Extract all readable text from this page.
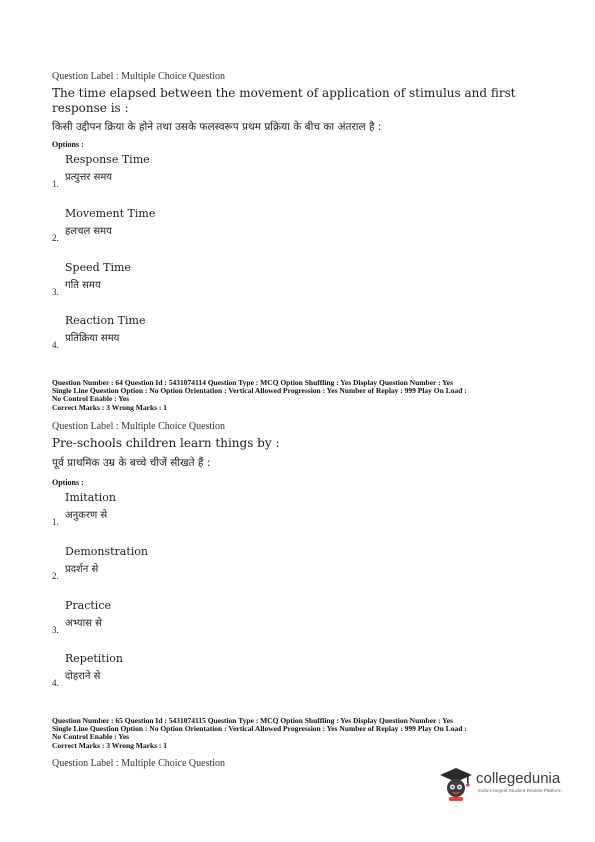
Question Label : Multiple Choice Question
The time elapsed between the movement of application of stimulus and first
response is :
किसी उद्दीपन क्रिया के होने तथा उसके फलस्वरूप प्रथम प्रक्रिया के बीच का अंतराल है :
Options :
Response Time
प्रत्युत्तर समय
1.
Movement Time
हलचल समय
2.
Speed Time
गति समय
3.
Reaction Time
प्रतिक्रिया समय
4.
Question Number : 64 Question Id : 5431074114 Question Type : MCQ Option Shuffling : Yes Display Question Number : Yes
Single Line Question Option : No Option Orientation : Vertical Allowed Progression : Yes Number of Replay : 999 Play On Load :
No Control Enable : Yes
Correct Marks : 3 Wrong Marks : 1
Question Label : Multiple Choice Question
Pre-schools children learn things by :
पूर्व प्राथमिक उम्र के बच्चे चीजें सीखते हैं :
Options :
Imitation
अनुकरण से
1.
Demonstration
प्रदर्शन से
2.
Practice
अभ्यास से
3.
Repetition
दोहराने से
4.
Question Number : 65 Question Id : 5431074115 Question Type : MCQ Option Shuffling : Yes Display Question Number : Yes
Single Line Question Option : No Option Orientation : Vertical Allowed Progression : Yes Number of Replay : 999 Play On Load :
No Control Enable : Yes
Correct Marks : 3 Wrong Marks : 1
Question Label : Multiple Choice Question
collegedunia
India's largest Student Review Platform
